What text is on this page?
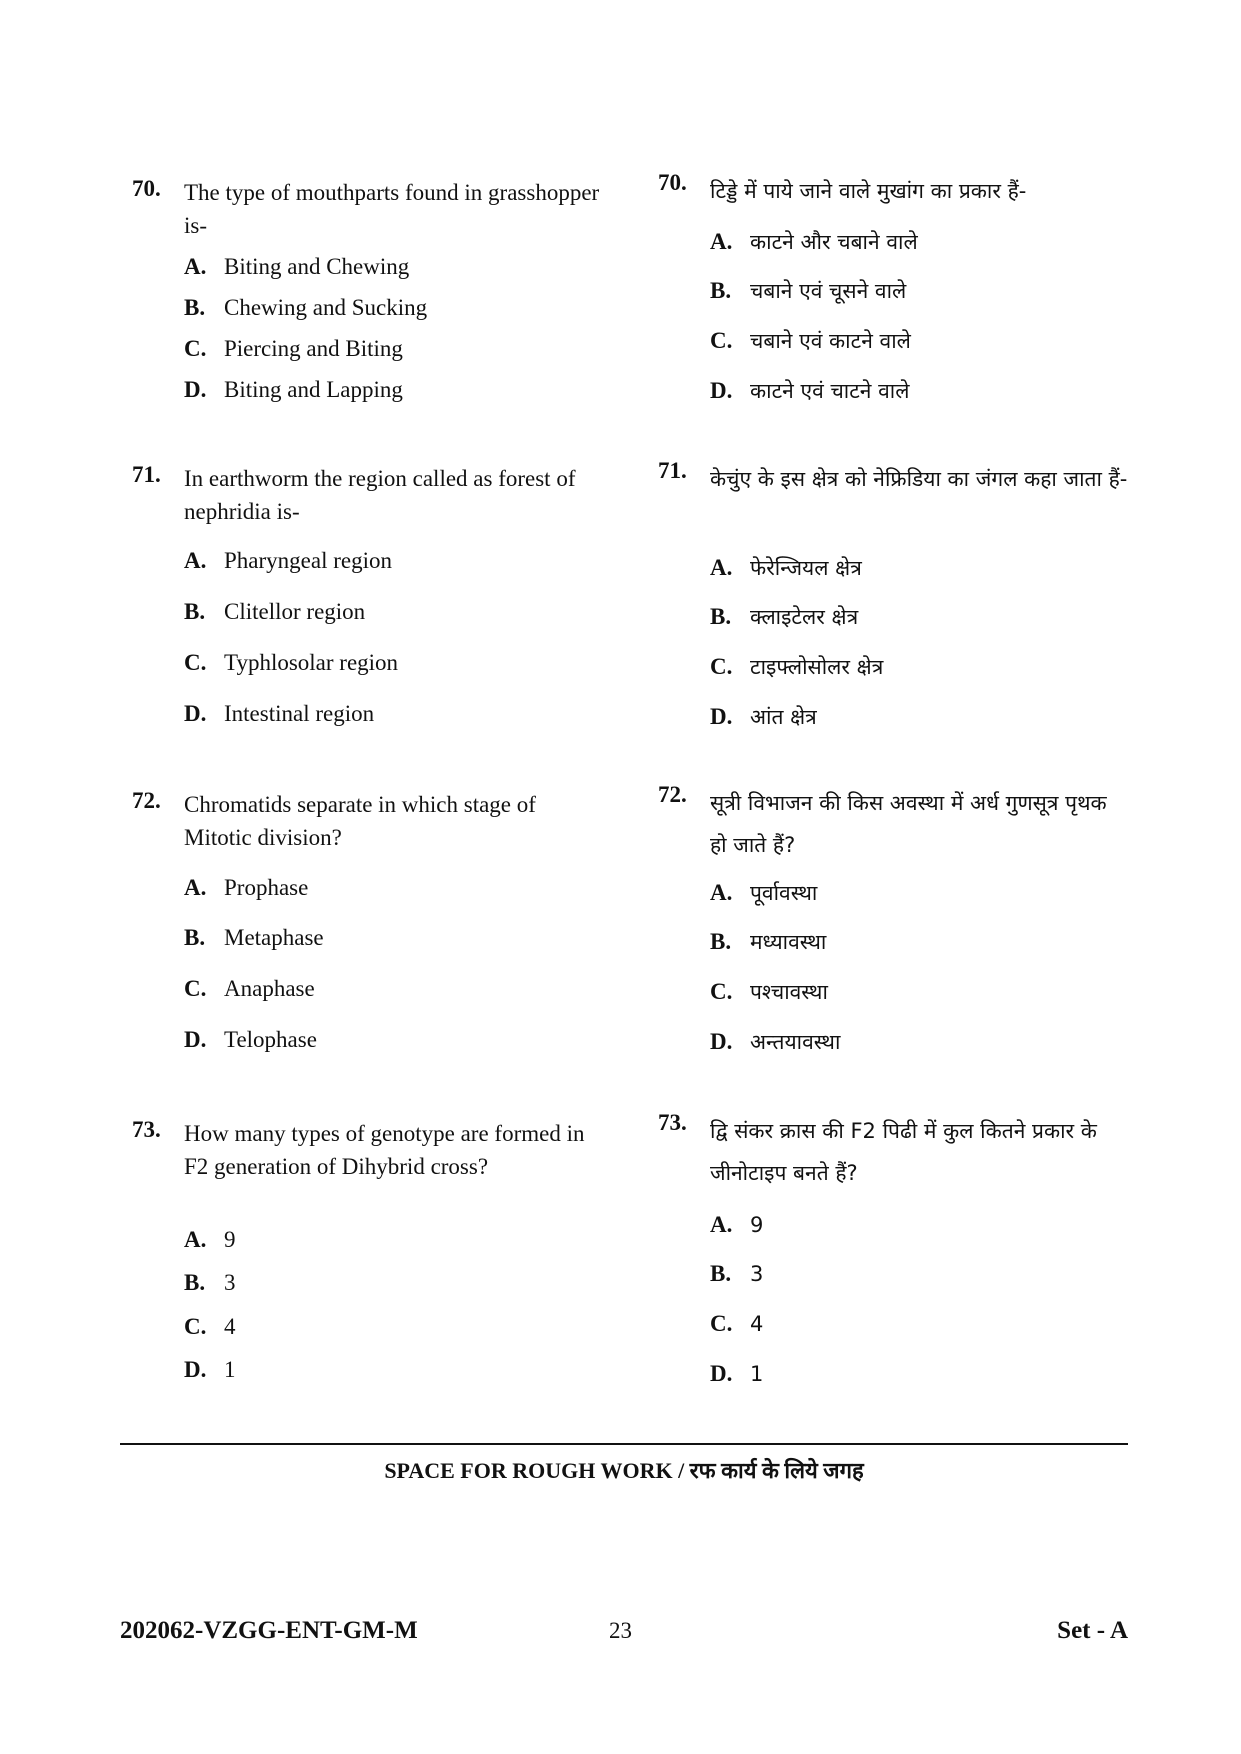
70. The type of mouthparts found in grasshopper is-
A. Biting and Chewing
B. Chewing and Sucking
C. Piercing and Biting
D. Biting and Lapping
71. In earthworm the region called as forest of nephridia is-
A. Pharyngeal region
B. Clitellor region
C. Typhlosolar region
D. Intestinal region
72. Chromatids separate in which stage of Mitotic division?
A. Prophase
B. Metaphase
C. Anaphase
D. Telophase
73. How many types of genotype are formed in F2 generation of Dihybrid cross?
A. 9
B. 3
C. 4
D. 1
70. टिड्डे में पाये जाने वाले मुखांग का प्रकार हैं-
A. काटने और चबाने वाले
B. चबाने एवं चूसने वाले
C. चबाने एवं काटने वाले
D. काटने एवं चाटने वाले
71. केचुंए के इस क्षेत्र को नेफ्रिडिया का जंगल कहा जाता हैं-
A. फेरेन्जियल क्षेत्र
B. क्लाइटेलर क्षेत्र
C. टाइफ्लोसोलर क्षेत्र
D. आंत क्षेत्र
72. सूत्री विभाजन की किस अवस्था में अर्ध गुणसूत्र पृथक हो जाते हैं?
A. पूर्वावस्था
B. मध्यावस्था
C. पश्चावस्था
D. अन्तयावस्था
73. द्वि संकर क्रास की F2 पिढी में कुल कितने प्रकार के जीनोटाइप बनते हैं?
A. 9
B. 3
C. 4
D. 1
SPACE FOR ROUGH WORK / रफ कार्य के लिये जगह
202062-VZGG-ENT-GM-M	23	Set - A
